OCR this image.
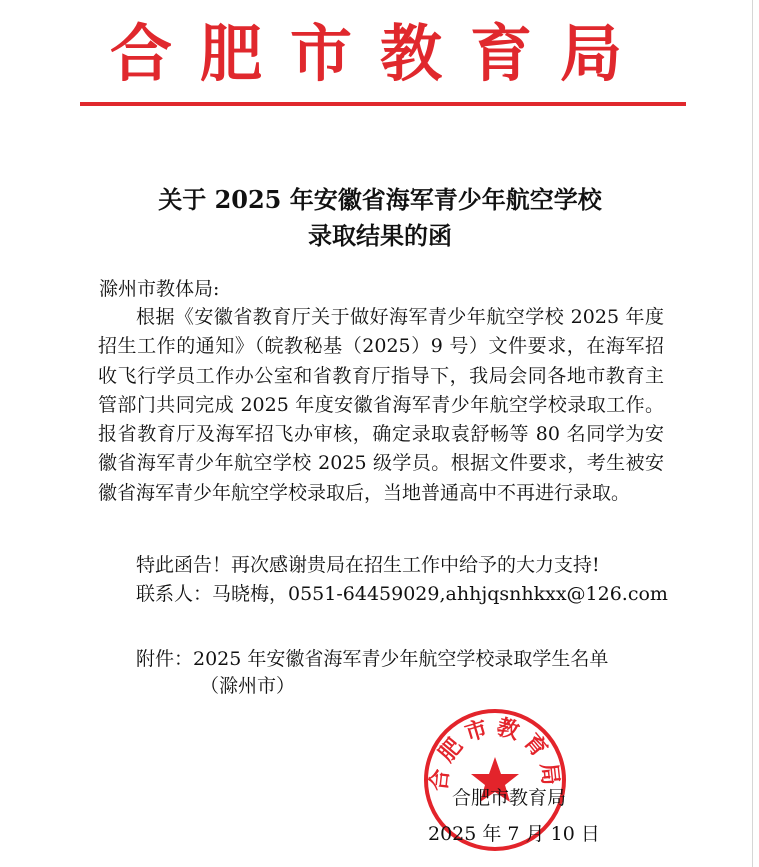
合肥市教育局
关于 2025 年安徽省海军青少年航空学校
录取结果的函
滁州市教体局:
根据《安徽省教育厅关于做好海军青少年航空学校 2025 年度招生工作的通知》（皖教秘基（2025）9 号）文件要求，在海军招收飞行学员工作办公室和省教育厅指导下，我局会同各地市教育主管部门共同完成 2025 年度安徽省海军青少年航空学校录取工作。报省教育厅及海军招飞办审核，确定录取袁舒畅等 80 名同学为安徽省海军青少年航空学校 2025 级学员。根据文件要求，考生被安徽省海军青少年航空学校录取后，当地普通高中不再进行录取。
特此函告！再次感谢贵局在招生工作中给予的大力支持!
联系人：马晓梅，0551-64459029,ahhjqsnhkxx@126.com
附件：2025 年安徽省海军青少年航空学校录取学生名单
（滁州市）
合肥市教育局
合肥市教育局
2025 年 7 月 10 日
